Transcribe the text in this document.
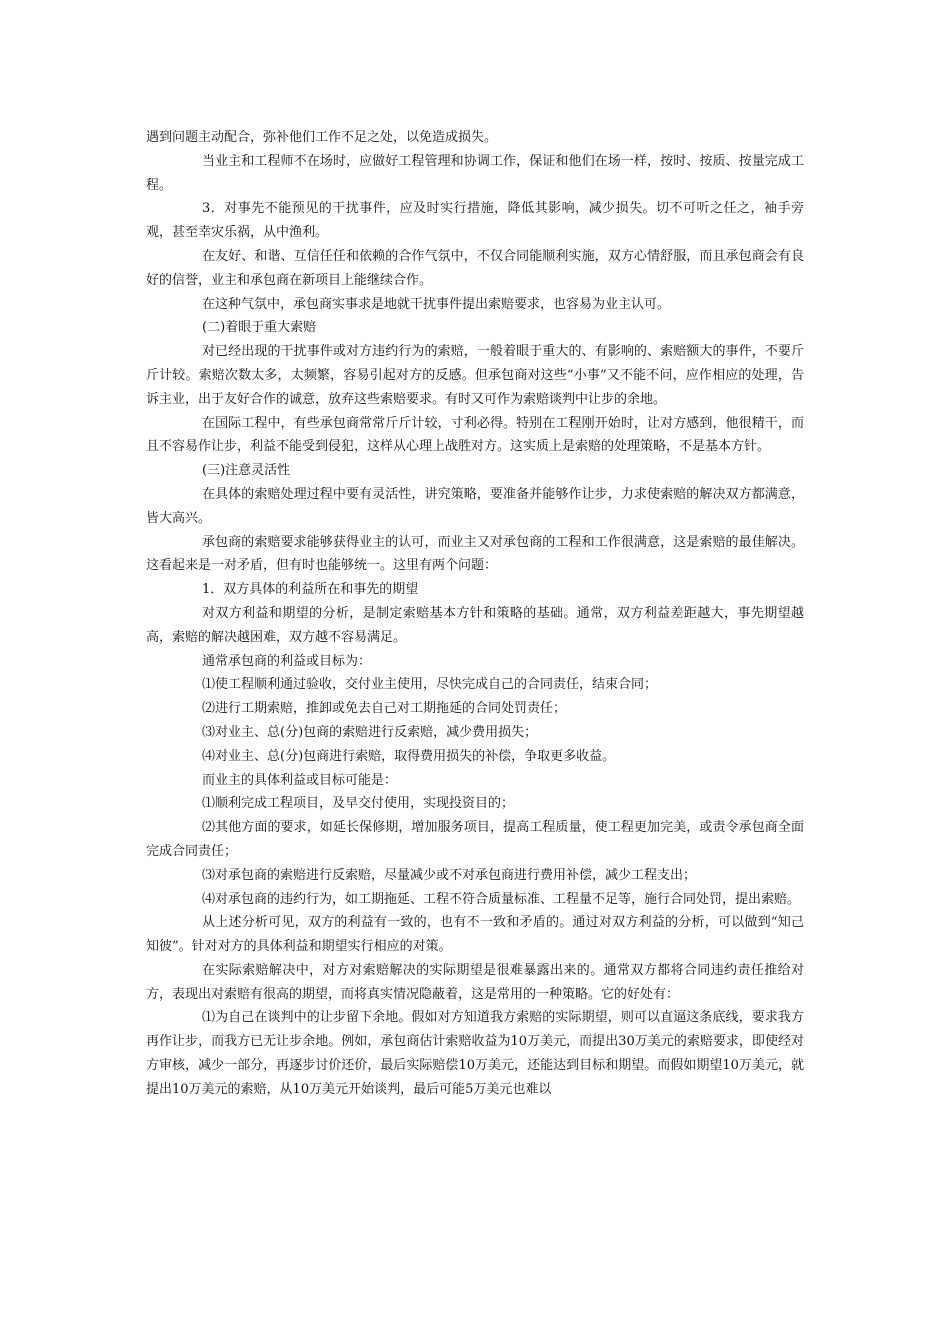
遇到问题主动配合，弥补他们工作不足之处，以免造成损失。

当业主和工程师不在场时，应做好工程管理和协调工作，保证和他们在场一样，按时、按质、按量完成工程。

3．对事先不能预见的干扰事件，应及时实行措施，降低其影响，减少损失。切不可听之任之，袖手旁观，甚至幸灾乐祸，从中渔利。

在友好、和谐、互信任任和依赖的合作气氛中，不仅合同能顺利实施，双方心情舒服，而且承包商会有良好的信誉，业主和承包商在新项目上能继续合作。

在这种气氛中，承包商实事求是地就干扰事件提出索赔要求，也容易为业主认可。

(二)着眼于重大索赔

对已经出现的干扰事件或对方违约行为的索赔，一般着眼于重大的、有影响的、索赔额大的事件，不要斤斤计较。索赔次数太多，太频繁，容易引起对方的反感。但承包商对这些“小事”又不能不问，应作相应的处理，告诉主业，出于友好合作的诚意，放弃这些索赔要求。有时又可作为索赔谈判中让步的余地。

在国际工程中，有些承包商常常斤斤计较，寸利必得。特别在工程刚开始时，让对方感到，他很精干，而且不容易作让步，利益不能受到侵犯，这样从心理上战胜对方。这实质上是索赔的处理策略，不是基本方针。

(三)注意灵活性

在具体的索赔处理过程中要有灵活性，讲究策略，要准备并能够作让步，力求使索赔的解决双方都满意，皆大高兴。

承包商的索赔要求能够获得业主的认可，而业主又对承包商的工程和工作很满意，这是索赔的最佳解决。这看起来是一对矛盾，但有时也能够统一。这里有两个问题：

1．双方具体的利益所在和事先的期望

对双方利益和期望的分析，是制定索赔基本方针和策略的基础。通常，双方利益差距越大，事先期望越高，索赔的解决越困难，双方越不容易满足。

通常承包商的利益或目标为：

⑴使工程顺利通过验收，交付业主使用，尽快完成自己的合同责任，结束合同；

⑵进行工期索赔，推卸或免去自己对工期拖延的合同处罚责任；

⑶对业主、总(分)包商的索赔进行反索赔，减少费用损失；

⑷对业主、总(分)包商进行索赔，取得费用损失的补偿，争取更多收益。

而业主的具体利益或目标可能是：

⑴顺利完成工程项目，及早交付使用，实现投资目的；

⑵其他方面的要求，如延长保修期，增加服务项目，提高工程质量，使工程更加完美，或责令承包商全面完成合同责任；

⑶对承包商的索赔进行反索赔，尽量减少或不对承包商进行费用补偿，减少工程支出；

⑷对承包商的违约行为，如工期拖延、工程不符合质量标准、工程量不足等，施行合同处罚，提出索赔。

从上述分析可见，双方的利益有一致的，也有不一致和矛盾的。通过对双方利益的分析，可以做到“知己知彼”。针对对方的具体利益和期望实行相应的对策。

在实际索赔解决中，对方对索赔解决的实际期望是很难暴露出来的。通常双方都将合同违约责任推给对方，表现出对索赔有很高的期望，而将真实情况隐蔽着，这是常用的一种策略。它的好处有：

⑴为自己在谈判中的让步留下余地。假如对方知道我方索赔的实际期望，则可以直逼这条底线，要求我方再作让步，而我方已无让步余地。例如，承包商估计索赔收益为10万美元，而提出30万美元的索赔要求，即使经对方审核，减少一部分，再逐步讨价还价，最后实际赔偿10万美元，还能达到目标和期望。而假如期望10万美元，就提出10万美元的索赔，从10万美元开始谈判，最后可能5万美元也难以
